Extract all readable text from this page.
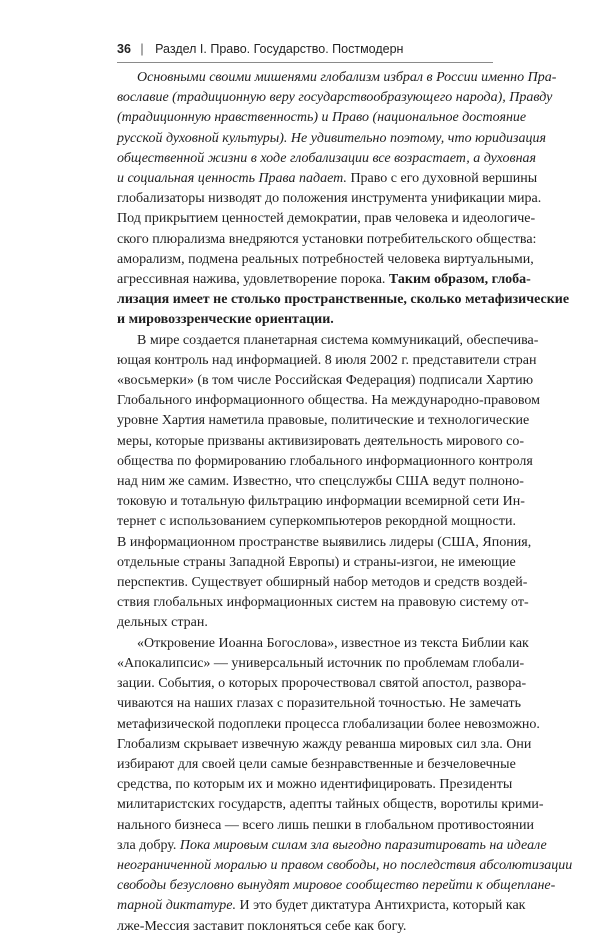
36 | Раздел I. Право. Государство. Постмодерн

Основными своими мишенями глобализм избрал в России именно Пра-
вославие (традиционную веру государствообразующего народа), Правду
(традиционную нравственность) и Право (национальное достояние
русской духовной культуры). Не удивительно поэтому, что юридизация
общественной жизни в ходе глобализации все возрастает, а духовная
и социальная ценность Права падает. Право с его духовной вершины
глобализаторы низводят до положения инструмента унификации мира.
Под прикрытием ценностей демократии, прав человека и идеологиче-
ского плюрализма внедряются установки потребительского общества:
аморализм, подмена реальных потребностей человека виртуальными,
агрессивная нажива, удовлетворение порока. Таким образом, глоба-
лизация имеет не столько пространственные, сколько метафизические
и мировоззренческие ориентации.

В мире создается планетарная система коммуникаций, обеспечива-
ющая контроль над информацией. 8 июля 2002 г. представители стран
«восьмерки» (в том числе Российская Федерация) подписали Хартию
Глобального информационного общества. На международно-правовом
уровне Хартия наметила правовые, политические и технологические
меры, которые призваны активизировать деятельность мирового со-
общества по формированию глобального информационного контроля
над ним же самим. Известно, что спецслужбы США ведут полноно-
токовую и тотальную фильтрацию информации всемирной сети Ин-
тернет с использованием суперкомпьютеров рекордной мощности.
В информационном пространстве выявились лидеры (США, Япония,
отдельные страны Западной Европы) и страны-изгои, не имеющие
перспектив. Существует обширный набор методов и средств воздей-
ствия глобальных информационных систем на правовую систему от-
дельных стран.

«Откровение Иоанна Богослова», известное из текста Библии как
«Апокалипсис» — универсальный источник по проблемам глобали-
зации. События, о которых пророчествовал святой апостол, развора-
чиваются на наших глазах с поразительной точностью. Не замечать
метафизической подоплеки процесса глобализации более невозможно.
Глобализм скрывает извечную жажду реванша мировых сил зла. Они
избирают для своей цели самые безнравственные и безчеловечные
средства, по которым их и можно идентифицировать. Президенты
милитаристских государств, адепты тайных обществ, воротилы крими-
нального бизнеса — всего лишь пешки в глобальном противостоянии
зла добру. Пока мировым силам зла выгодно паразитировать на идеале
неограниченной моралью и правом свободы, но последствия абсолютизации
свободы безусловно вынудят мировое сообщество перейти к общеплане-
тарной диктатуре. И это будет диктатура Антихриста, который как
лже-Мессия заставит поклоняться себе как богу.
